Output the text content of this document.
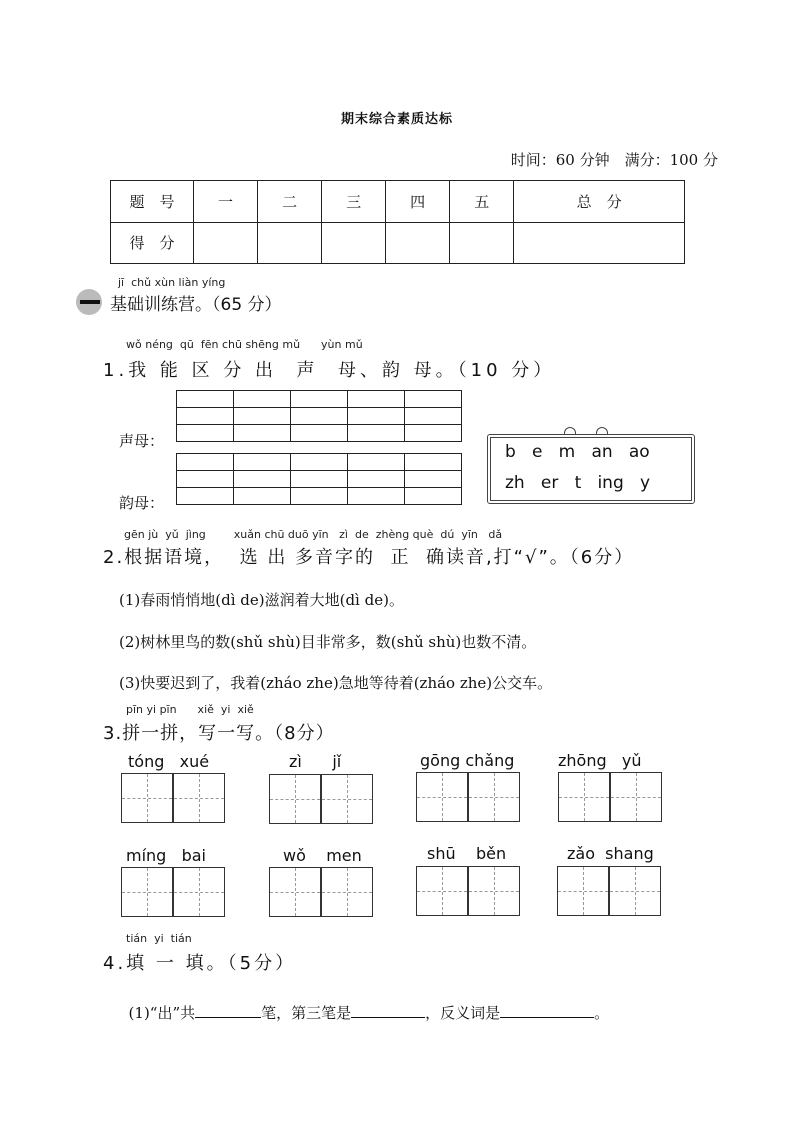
期末综合素质达标
时间：60 分钟　满分：100 分
题　号	一	二	三	四	五	总　分
得　分						
jī  chǔ xùn liàn yíng
基础训练营。（65 分）
wǒ néng  qū  fēn chū shēng mǔ      yùn mǔ
1.我 能 区 分 出  声  母、韵 母。（10 分）

声母：

韵母：
b   e   m   an   ao
zh   er   t   ing   y
gēn jù  yǔ  jìng        xuǎn chū duō yīn   zì  de  zhèng què  dú  yīn   dǎ
2.根据语境，  选 出 多音字的  正  确读音,打“√”。（6分）
(1)春雨悄悄地(dì de)滋润着大地(dì de)。
(2)树林里鸟的数(shǔ shù)目非常多，数(shǔ shù)也数不清。
(3)快要迟到了，我着(zháo zhe)急地等待着(zháo zhe)公交车。
pīn yi pīn      xiě  yi  xiě
3.拼一拼，写一写。（8分）
tóng   xué	zì      jǐ	gōng chǎng	zhōng   yǔ
míng   bai	wǒ    men	shū    běn	zǎo  shang
tián  yi  tián
4.填 一 填。（5分）

(1)“出”共	笔，第三笔是	，反义词是	。
